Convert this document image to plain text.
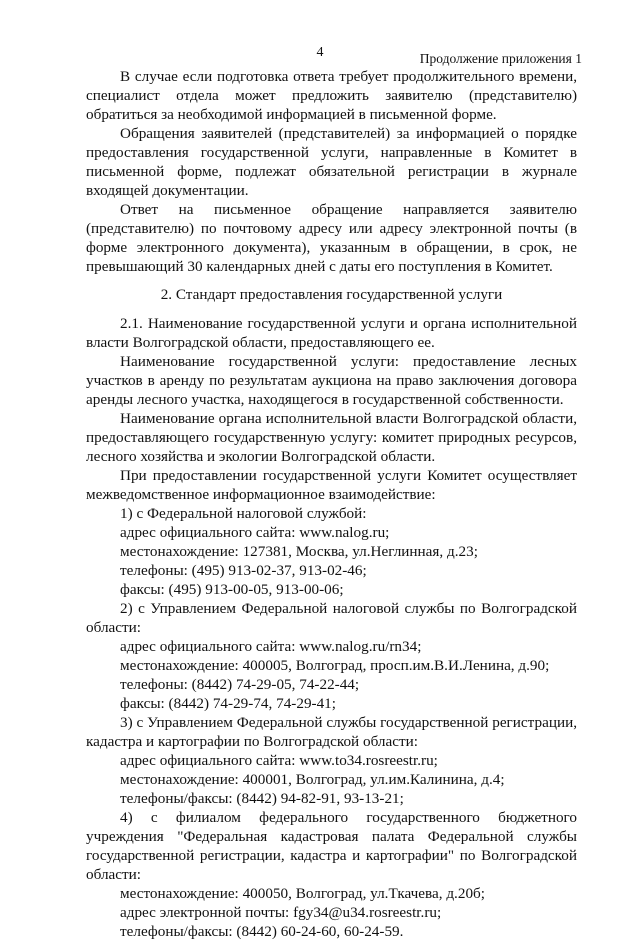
4	Продолжение приложения 1

В случае если подготовка ответа требует продолжительного времени, специалист отдела может предложить заявителю (представителю) обратиться за необходимой информацией в письменной форме.

Обращения заявителей (представителей) за информацией о порядке предоставления государственной услуги, направленные в Комитет в письменной форме, подлежат обязательной регистрации в журнале входящей документации.

Ответ на письменное обращение направляется заявителю (представителю) по почтовому адресу или адресу электронной почты (в форме электронного документа), указанным в обращении, в срок, не превышающий 30 календарных дней с даты его поступления в Комитет.

2. Стандарт предоставления государственной услуги

2.1. Наименование государственной услуги и органа исполнительной власти Волгоградской области, предоставляющего ее.

Наименование государственной услуги: предоставление лесных участков в аренду по результатам аукциона на право заключения договора аренды лесного участка, находящегося в государственной собственности.

Наименование органа исполнительной власти Волгоградской области, предоставляющего государственную услугу: комитет природных ресурсов, лесного хозяйства и экологии Волгоградской области.

При предоставлении государственной услуги Комитет осуществляет межведомственное информационное взаимодействие:

1) с Федеральной налоговой службой:

адрес официального сайта: www.nalog.ru;

местонахождение: 127381, Москва, ул.Неглинная, д.23;

телефоны: (495) 913-02-37, 913-02-46;

факсы: (495) 913-00-05, 913-00-06;

2) с Управлением Федеральной налоговой службы по Волгоградской области:

адрес официального сайта: www.nalog.ru/rn34;

местонахождение: 400005, Волгоград, просп.им.В.И.Ленина, д.90;

телефоны: (8442) 74-29-05, 74-22-44;

факсы: (8442) 74-29-74, 74-29-41;

3) с Управлением Федеральной службы государственной регистрации, кадастра и картографии по Волгоградской области:

адрес официального сайта: www.to34.rosreestr.ru;

местонахождение: 400001, Волгоград, ул.им.Калинина, д.4;

телефоны/факсы: (8442) 94-82-91, 93-13-21;

4) с филиалом федерального государственного бюджетного учреждения "Федеральная кадастровая палата Федеральной службы государственной регистрации, кадастра и картографии" по Волгоградской области:

местонахождение: 400050, Волгоград, ул.Ткачева, д.20б;

адрес электронной почты: fgy34@u34.rosreestr.ru;

телефоны/факсы: (8442) 60-24-60, 60-24-59.
